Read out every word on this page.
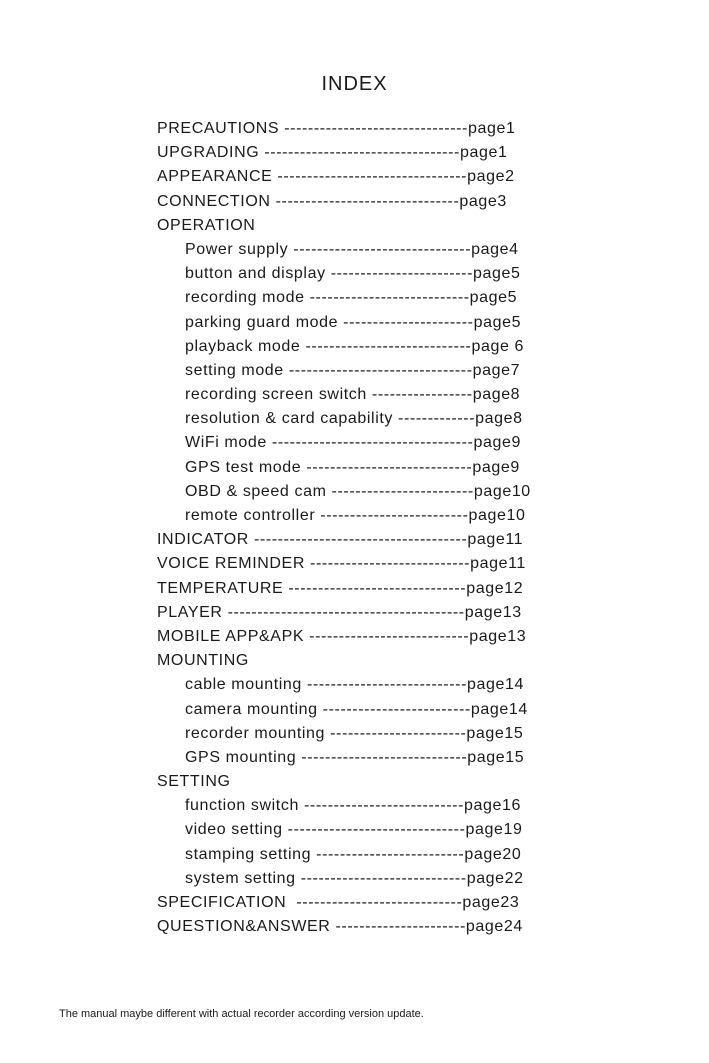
INDEX
PRECAUTIONS -------------------------------page1
UPGRADING ---------------------------------page1
APPEARANCE --------------------------------page2
CONNECTION -------------------------------page3
OPERATION
Power supply ------------------------------page4
button and display ------------------------page5
recording mode ---------------------------page5
parking guard mode ----------------------page5
playback mode ----------------------------page 6
setting mode -------------------------------page7
recording screen switch -----------------page8
resolution & card capability -------------page8
WiFi mode ----------------------------------page9
GPS test mode ----------------------------page9
OBD & speed cam ------------------------page10
remote controller -------------------------page10
INDICATOR ------------------------------------page11
VOICE REMINDER ---------------------------page11
TEMPERATURE ------------------------------page12
PLAYER ----------------------------------------page13
MOBILE APP&APK ---------------------------page13
MOUNTING
cable mounting ---------------------------page14
camera mounting -------------------------page14
recorder mounting -----------------------page15
GPS mounting ----------------------------page15
SETTING
function switch ---------------------------page16
video setting ------------------------------page19
stamping setting -------------------------page20
system setting ----------------------------page22
SPECIFICATION  ----------------------------page23
QUESTION&ANSWER ----------------------page24
The manual maybe different with actual recorder according version update.
